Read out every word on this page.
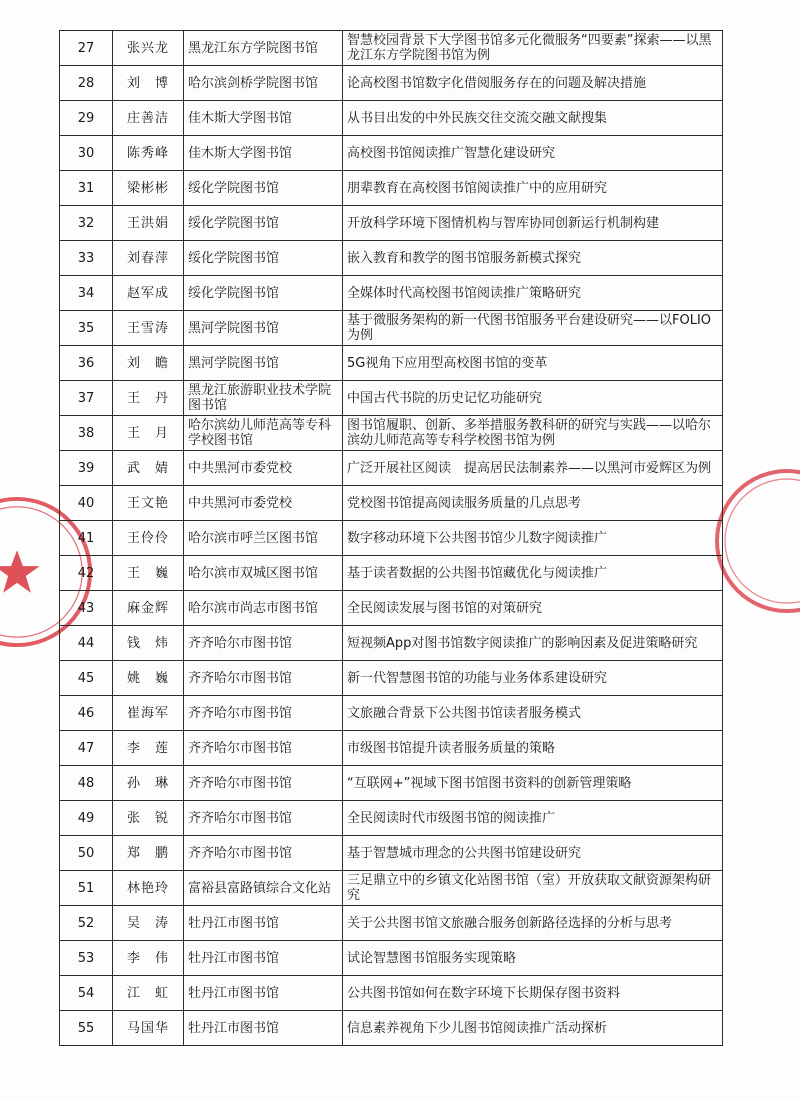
27	张兴龙	黑龙江东方学院图书馆	智慧校园背景下大学图书馆多元化微服务“四要素”探索——以黑龙江东方学院图书馆为例
28	刘　博	哈尔滨剑桥学院图书馆	论高校图书馆数字化借阅服务存在的问题及解决措施
29	庄善洁	佳木斯大学图书馆	从书目出发的中外民族交往交流交融文献搜集
30	陈秀峰	佳木斯大学图书馆	高校图书馆阅读推广智慧化建设研究
31	梁彬彬	绥化学院图书馆	朋辈教育在高校图书馆阅读推广中的应用研究
32	王洪娟	绥化学院图书馆	开放科学环境下图情机构与智库协同创新运行机制构建
33	刘春萍	绥化学院图书馆	嵌入教育和教学的图书馆服务新模式探究
34	赵军成	绥化学院图书馆	全媒体时代高校图书馆阅读推广策略研究
35	王雪涛	黑河学院图书馆	基于微服务架构的新一代图书馆服务平台建设研究——以FOLIO为例
36	刘　瞻	黑河学院图书馆	5G视角下应用型高校图书馆的变革
37	王　丹	黑龙江旅游职业技术学院图书馆	中国古代书院的历史记忆功能研究
38	王　月	哈尔滨幼儿师范高等专科学校图书馆	图书馆履职、创新、多举措服务教科研的研究与实践——以哈尔滨幼儿师范高等专科学校图书馆为例
39	武　婧	中共黑河市委党校	广泛开展社区阅读　提高居民法制素养——以黑河市爱辉区为例
40	王文艳	中共黑河市委党校	党校图书馆提高阅读服务质量的几点思考
41	王伶伶	哈尔滨市呼兰区图书馆	数字移动环境下公共图书馆少儿数字阅读推广
42	王　巍	哈尔滨市双城区图书馆	基于读者数据的公共图书馆藏优化与阅读推广
43	麻金辉	哈尔滨市尚志市图书馆	全民阅读发展与图书馆的对策研究
44	钱　炜	齐齐哈尔市图书馆	短视频App对图书馆数字阅读推广的影响因素及促进策略研究
45	姚　巍	齐齐哈尔市图书馆	新一代智慧图书馆的功能与业务体系建设研究
46	崔海军	齐齐哈尔市图书馆	文旅融合背景下公共图书馆读者服务模式
47	李　莲	齐齐哈尔市图书馆	市级图书馆提升读者服务质量的策略
48	孙　琳	齐齐哈尔市图书馆	“互联网+”视域下图书馆图书资料的创新管理策略
49	张　锐	齐齐哈尔市图书馆	全民阅读时代市级图书馆的阅读推广
50	郑　鹏	齐齐哈尔市图书馆	基于智慧城市理念的公共图书馆建设研究
51	林艳玲	富裕县富路镇综合文化站	三足鼎立中的乡镇文化站图书馆（室）开放获取文献资源架构研究
52	吴　涛	牡丹江市图书馆	关于公共图书馆文旅融合服务创新路径选择的分析与思考
53	李　伟	牡丹江市图书馆	试论智慧图书馆服务实现策略
54	江　虹	牡丹江市图书馆	公共图书馆如何在数字环境下长期保存图书资料
55	马国华	牡丹江市图书馆	信息素养视角下少儿图书馆阅读推广活动探析
